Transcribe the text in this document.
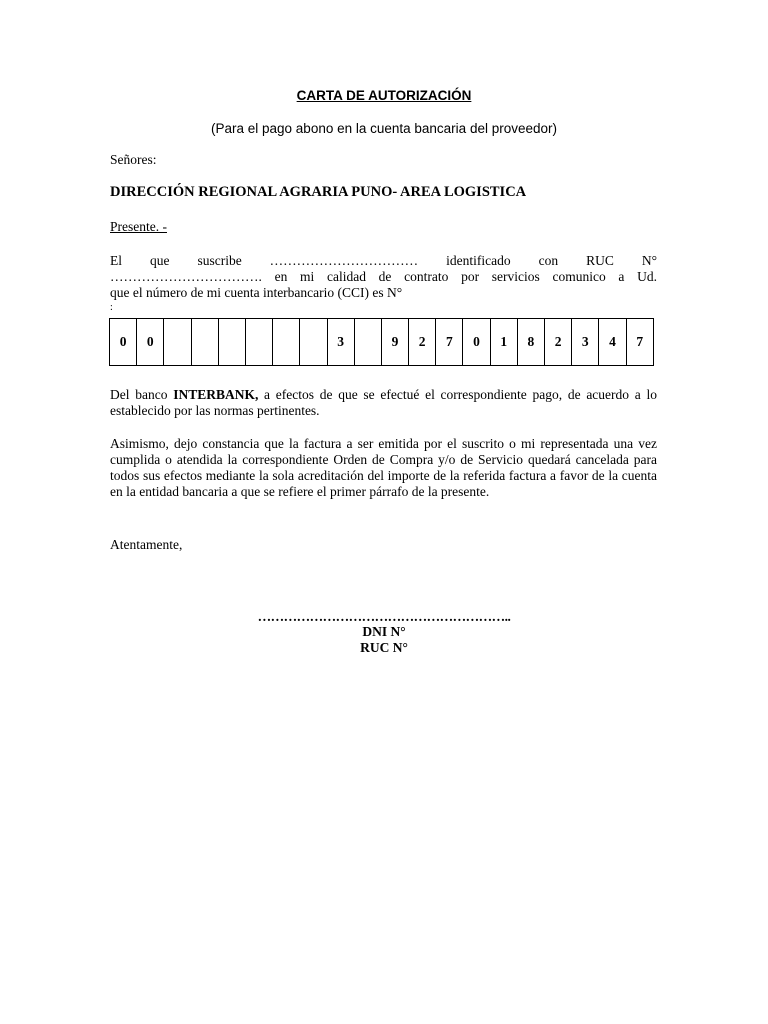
CARTA DE AUTORIZACIÓN
(Para el pago abono en la cuenta bancaria del proveedor)
Señores:
DIRECCIÓN REGIONAL AGRARIA PUNO- AREA LOGISTICA
Presente. -
El que suscribe …………………………… identificado con RUC N°
……………………………. en mi calidad de contrato por servicios comunico a Ud.
que el número de mi cuenta interbancario (CCI) es N°
:
0	0							3		9	2	7	0	1	8	2	3	4	7
Del banco INTERBANK, a efectos de que se efectué el correspondiente pago, de acuerdo a lo establecido por las normas pertinentes.
Asimismo, dejo constancia que la factura a ser emitida por el suscrito o mi representada una vez cumplida o atendida la correspondiente Orden de Compra y/o de Servicio quedará cancelada para todos sus efectos mediante la sola acreditación del importe de la referida factura a favor de la cuenta en la entidad bancaria a que se refiere el primer párrafo de la presente.
Atentamente,
…………………………………………………..
DNI N°
RUC N°
